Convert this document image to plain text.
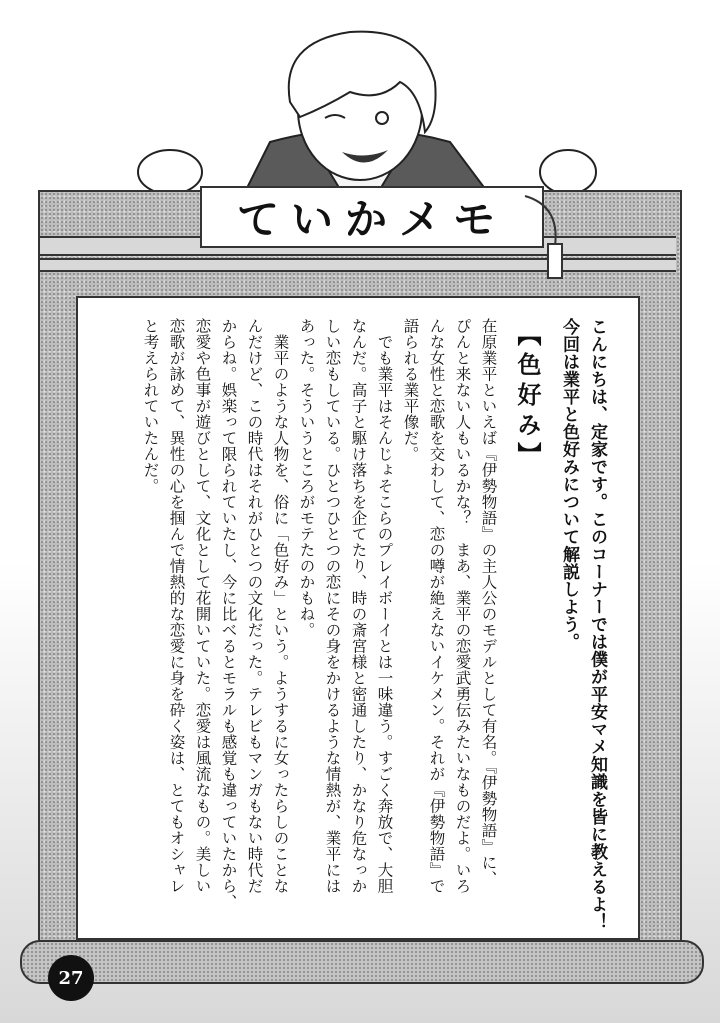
ていかメモ
こんにちは、定家です。このコーナーでは僕が平安マメ知識を皆に教えるよ！
今回は業平と色好みについて解説しよう。
【色好み】
在原業平といえば『伊勢物語』の主人公のモデルとして有名。『伊勢物語』に、
ぴんと来ない人もいるかな？　まあ、業平の恋愛武勇伝みたいなものだよ。いろ
んな女性と恋歌を交わして、恋の噂が絶えないイケメン。それが『伊勢物語』で
語られる業平像だ。
　でも業平はそんじょそこらのプレイボーイとは一味違う。すごく奔放で、大胆
なんだ。高子と駆け落ちを企てたり、時の斎宮様と密通したり、かなり危なっか
しい恋もしている。ひとつひとつの恋にその身をかけるような情熱が、業平には
あった。そういうところがモテたのかもね。
　業平のような人物を、俗に「色好み」という。ようするに女ったらしのことな
んだけど、この時代はそれがひとつの文化だった。テレビもマンガもない時代だ
からね。娯楽って限られていたし、今に比べるとモラルも感覚も違っていたから、
恋愛や色事が遊びとして、文化として花開いていた。恋愛は風流なもの。美しい
恋歌が詠めて、異性の心を掴んで情熱的な恋愛に身を砕く姿は、とてもオシャレ
と考えられていたんだ。
27
